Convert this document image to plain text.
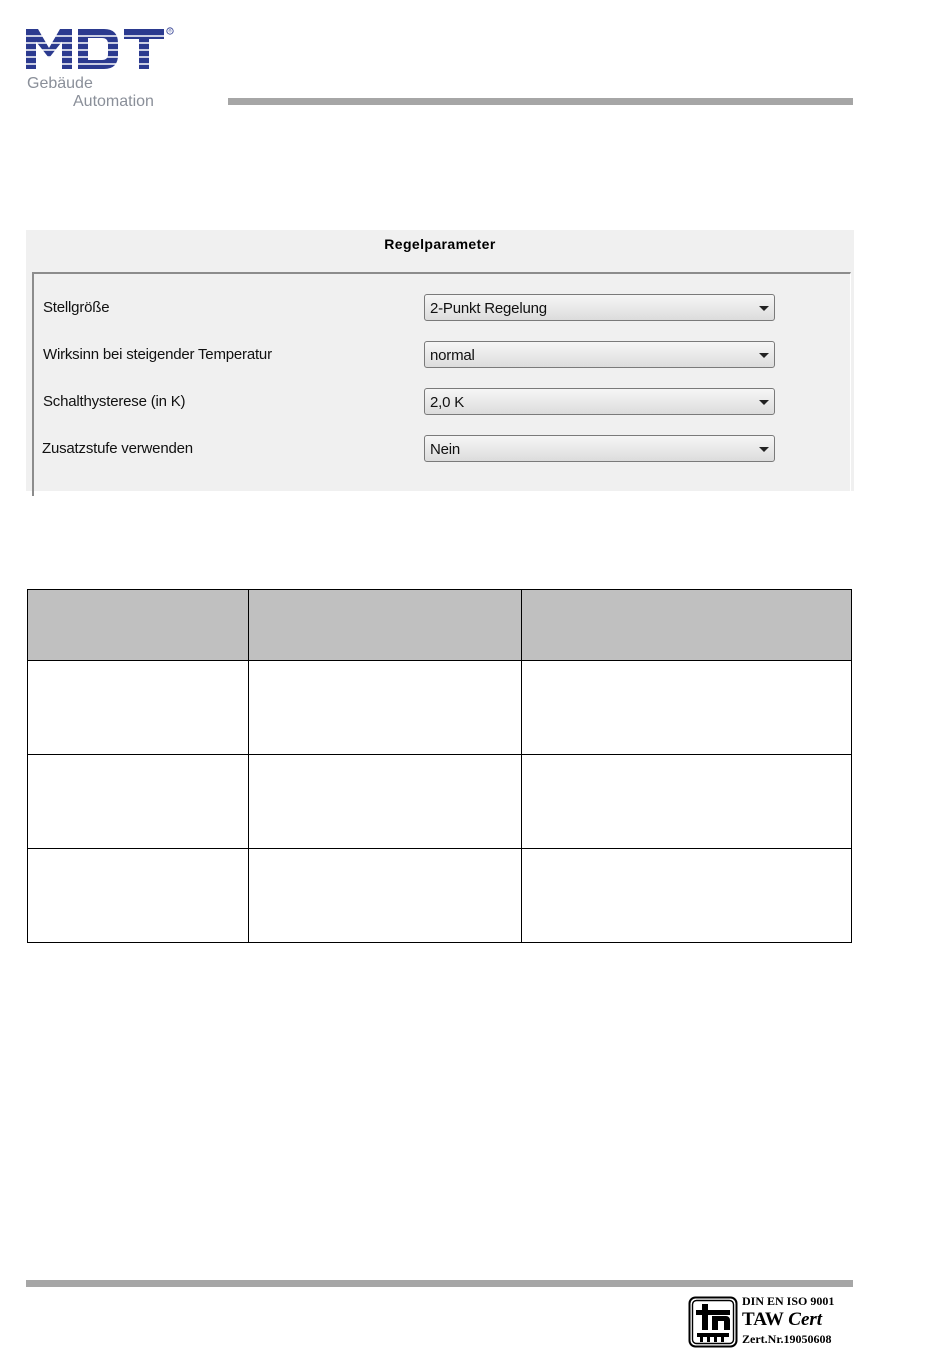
®
Gebäude
Automation
Regelparameter
Stellgröße	2-Punkt Regelung
Wirksinn bei steigender Temperatur	normal
Schalthysterese (in K)	2,0 K
Zusatzstufe verwenden	Nein

DIN EN ISO 9001
TAW Cert
Zert.Nr.19050608
